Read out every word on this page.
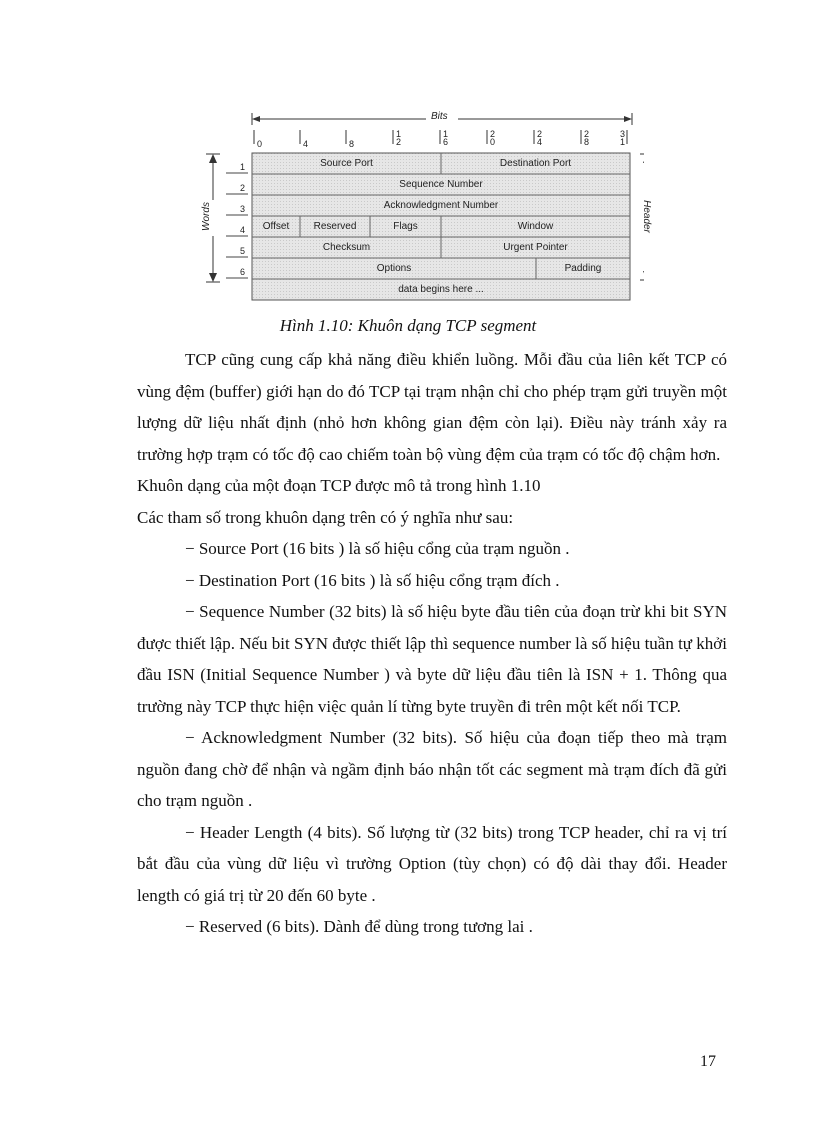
Bits
0	4	8
1
2
1
6
2
0
2
4
2
8
3
1
1
2
3
4
5
6
Words	Header
Source Port	Destination Port
Sequence Number
Acknowledgment Number
Offset	Reserved	Flags	Window
Checksum	Urgent Pointer
Options	Padding
data begins here ...
Hình 1.10: Khuôn dạng TCP segment

TCP cũng cung cấp khả năng điều khiển luồng. Mỗi đầu của liên kết TCP có vùng đệm (buffer) giới hạn do đó TCP tại trạm nhận chỉ cho phép trạm gửi truyền một lượng dữ liệu nhất định (nhỏ hơn không gian đệm còn lại). Điều này tránh xảy ra trường hợp trạm có tốc độ cao chiếm toàn bộ vùng đệm của trạm có tốc độ chậm hơn.

Khuôn dạng của một đoạn TCP được mô tả trong hình 1.10

Các tham số trong khuôn dạng trên có ý nghĩa như sau:

− Source Port (16 bits ) là số hiệu cổng của trạm nguồn .

− Destination Port (16 bits ) là số hiệu cổng trạm đích .

− Sequence Number (32 bits) là số hiệu byte đầu tiên của đoạn trừ khi bit SYN được thiết lập. Nếu bit SYN được thiết lập thì sequence number là số hiệu tuần tự khởi đầu ISN (Initial Sequence Number ) và byte dữ liệu đầu tiên là ISN + 1. Thông qua trường này TCP thực hiện việc quản lí từng byte truyền đi trên một kết nối TCP.

− Acknowledgment Number (32 bits). Số hiệu của đoạn tiếp theo mà trạm nguồn đang chờ để nhận và ngầm định báo nhận tốt các segment mà trạm đích đã gửi cho trạm nguồn .

− Header Length (4 bits). Số lượng từ (32 bits) trong TCP header, chỉ ra vị trí bắt đầu của vùng dữ liệu vì trường Option (tùy chọn) có độ dài thay đổi. Header length có giá trị từ 20 đến 60 byte .

− Reserved (6 bits). Dành để dùng trong tương lai .

17
